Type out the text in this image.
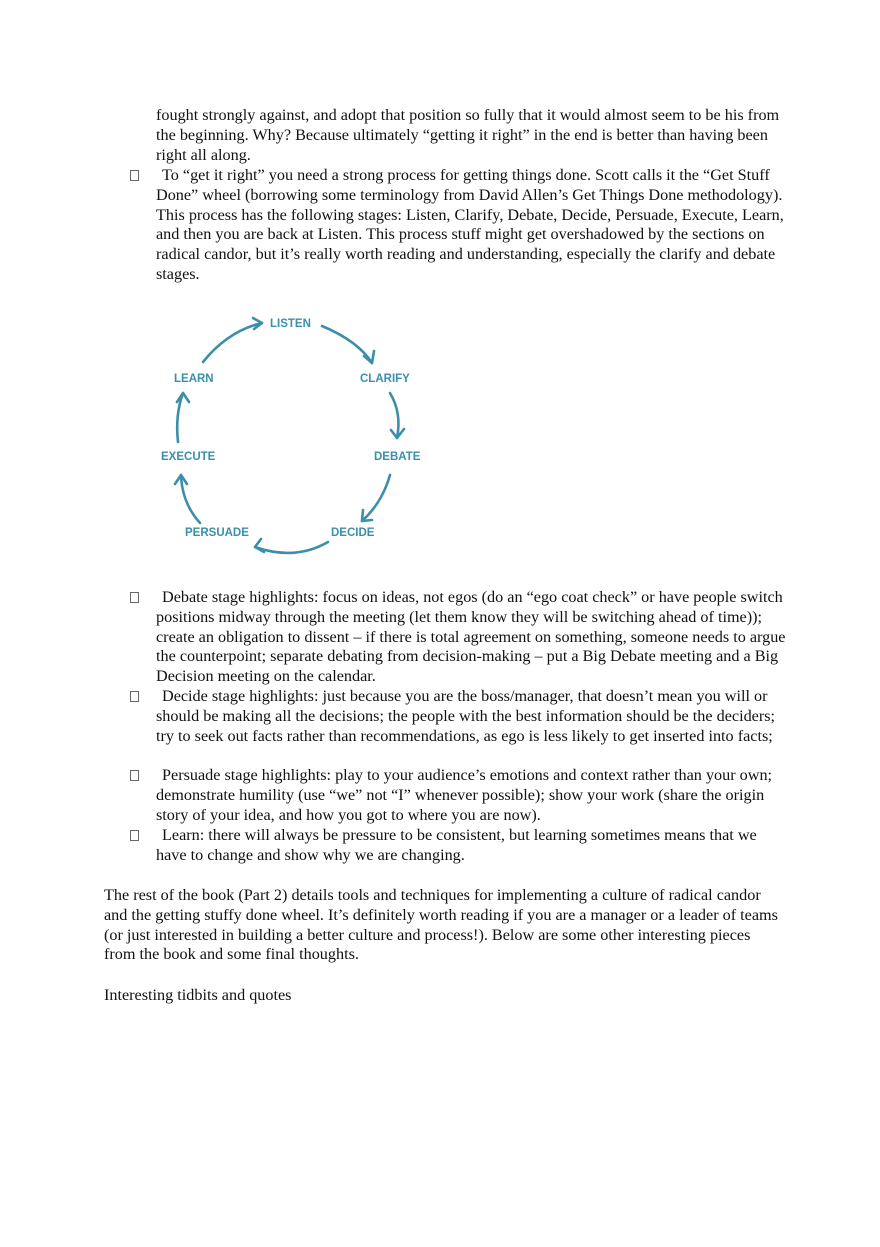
fought strongly against, and adopt that position so fully that it would almost seem to be his from the beginning. Why? Because ultimately “getting it right” in the end is better than having been right all along.

To “get it right” you need a strong process for getting things done. Scott calls it the “Get Stuff Done” wheel (borrowing some terminology from David Allen’s Get Things Done methodology). This process has the following stages: Listen, Clarify, Debate, Decide, Persuade, Execute, Learn, and then you are back at Listen. This process stuff might get overshadowed by the sections on radical candor, but it’s really worth reading and understanding, especially the clarify and debate stages.

LISTEN
CLARIFY
DEBATE
DECIDE
PERSUADE
EXECUTE
LEARN

Debate stage highlights: focus on ideas, not egos (do an “ego coat check” or have people switch positions midway through the meeting (let them know they will be switching ahead of time)); create an obligation to dissent – if there is total agreement on something, someone needs to argue the counterpoint; separate debating from decision-making – put a Big Debate meeting and a Big Decision meeting on the calendar.

Decide stage highlights: just because you are the boss/manager, that doesn’t mean you will or should be making all the decisions; the people with the best information should be the deciders; try to seek out facts rather than recommendations, as ego is less likely to get inserted into facts;

Persuade stage highlights: play to your audience’s emotions and context rather than your own; demonstrate humility (use “we” not “I” whenever possible); show your work (share the origin story of your idea, and how you got to where you are now).

Learn: there will always be pressure to be consistent, but learning sometimes means that we have to change and show why we are changing.

The rest of the book (Part 2) details tools and techniques for implementing a culture of radical candor and the getting stuffy done wheel. It’s definitely worth reading if you are a manager or a leader of teams (or just interested in building a better culture and process!). Below are some other interesting pieces from the book and some final thoughts.

Interesting tidbits and quotes
